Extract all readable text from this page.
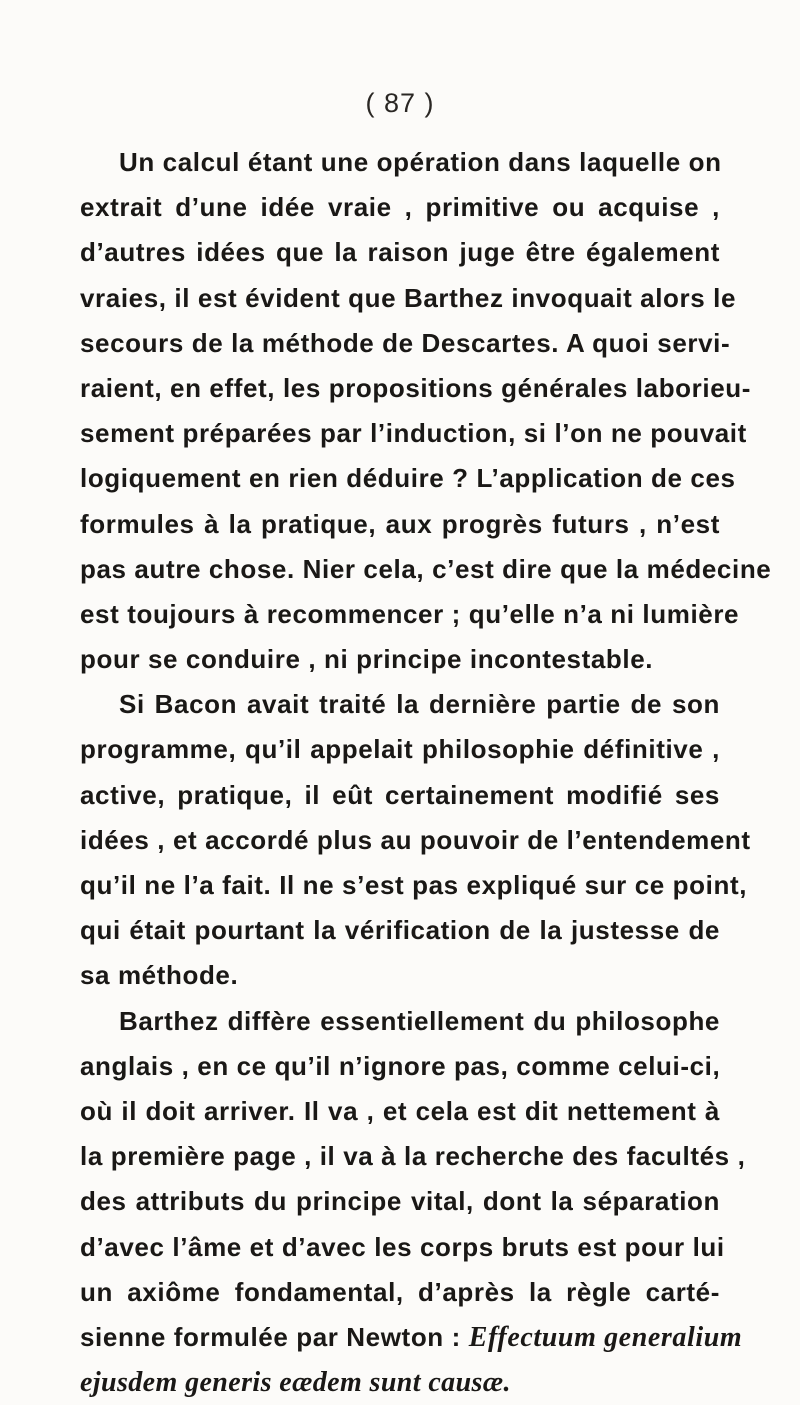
( 87 )
Un calcul étant une opération dans laquelle on
extrait d’une idée vraie , primitive ou acquise ,
d’autres idées que la raison juge être également
vraies, il est évident que Barthez invoquait alors le
secours de la méthode de Descartes. A quoi servi-
raient, en effet, les propositions générales laborieu-
sement préparées par l’induction, si l’on ne pouvait
logiquement en rien déduire ? L’application de ces
formules à la pratique, aux progrès futurs , n’est
pas autre chose. Nier cela, c’est dire que la médecine
est toujours à recommencer ; qu’elle n’a ni lumière
pour se conduire , ni principe incontestable.
Si Bacon avait traité la dernière partie de son
programme, qu’il appelait philosophie définitive ,
active, pratique, il eût certainement modifié ses
idées , et accordé plus au pouvoir de l’entendement
qu’il ne l’a fait. Il ne s’est pas expliqué sur ce point,
qui était pourtant la vérification de la justesse de
sa méthode.
Barthez diffère essentiellement du philosophe
anglais , en ce qu’il n’ignore pas, comme celui-ci,
où il doit arriver. Il va , et cela est dit nettement à
la première page , il va à la recherche des facultés ,
des attributs du principe vital, dont la séparation
d’avec l’âme et d’avec les corps bruts est pour lui
un axiôme fondamental, d’après la règle carté-
sienne formulée par Newton : Effectuum generalium
ejusdem generis eædem sunt causæ.
